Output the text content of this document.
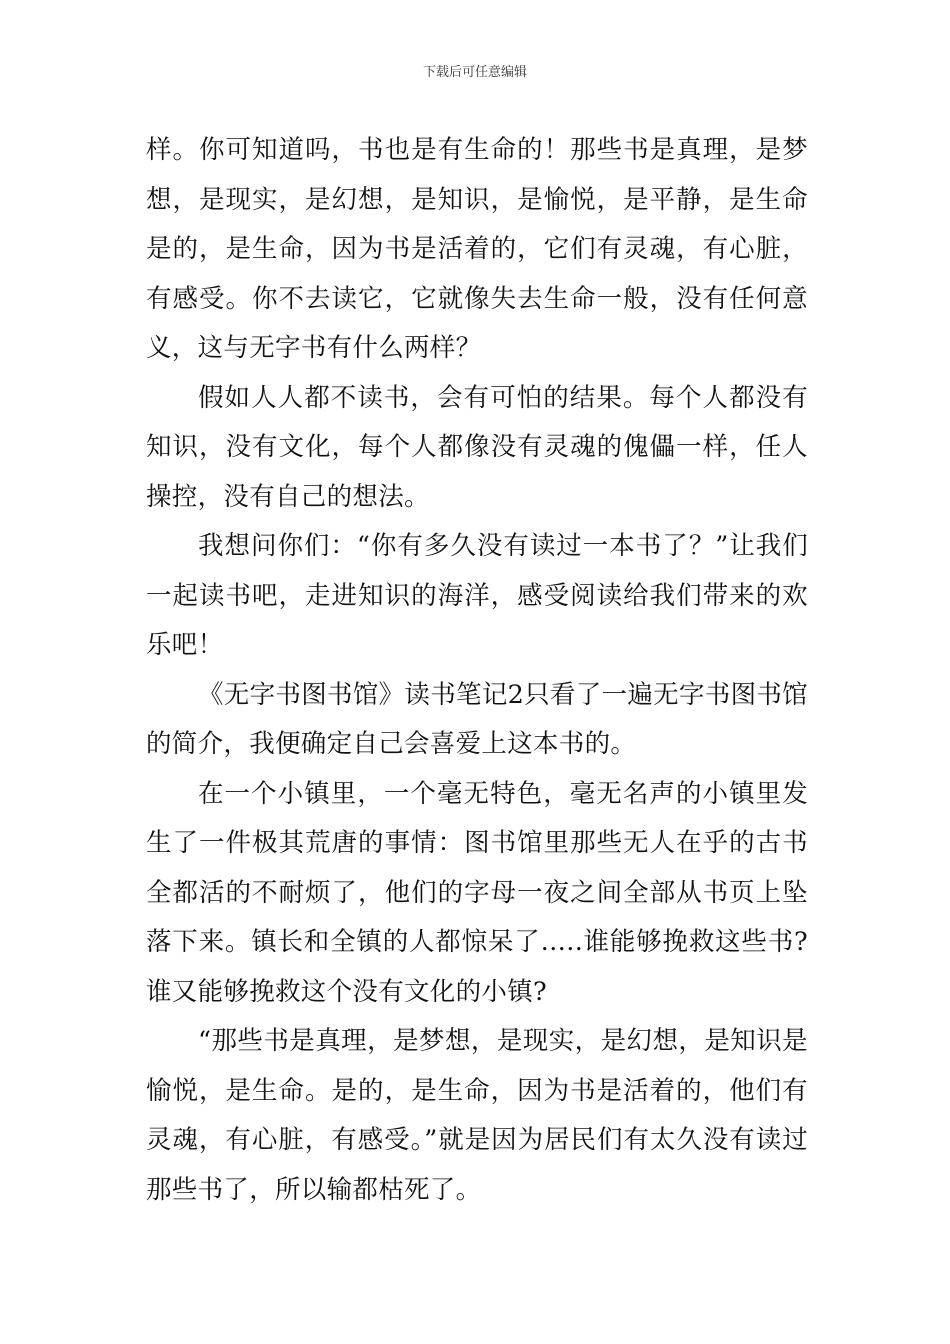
下载后可任意编辑

样。你可知道吗，书也是有生命的！那些书是真理，是梦想，是现实，是幻想，是知识，是愉悦，是平静，是生命是的，是生命，因为书是活着的，它们有灵魂，有心脏，有感受。你不去读它，它就像失去生命一般，没有任何意义，这与无字书有什么两样？

假如人人都不读书，会有可怕的结果。每个人都没有知识，没有文化，每个人都像没有灵魂的傀儡一样，任人操控，没有自己的想法。

我想问你们：“你有多久没有读过一本书了？”让我们一起读书吧，走进知识的海洋，感受阅读给我们带来的欢乐吧！

《无字书图书馆》读书笔记2只看了一遍无字书图书馆的简介，我便确定自己会喜爱上这本书的。

在一个小镇里，一个毫无特色，毫无名声的小镇里发生了一件极其荒唐的事情：图书馆里那些无人在乎的古书全都活的不耐烦了，他们的字母一夜之间全部从书页上坠落下来。镇长和全镇的人都惊呆了…..谁能够挽救这些书?谁又能够挽救这个没有文化的小镇?

“那些书是真理，是梦想，是现实，是幻想，是知识是愉悦，是生命。是的，是生命，因为书是活着的，他们有灵魂，有心脏，有感受。”就是因为居民们有太久没有读过那些书了，所以输都枯死了。
